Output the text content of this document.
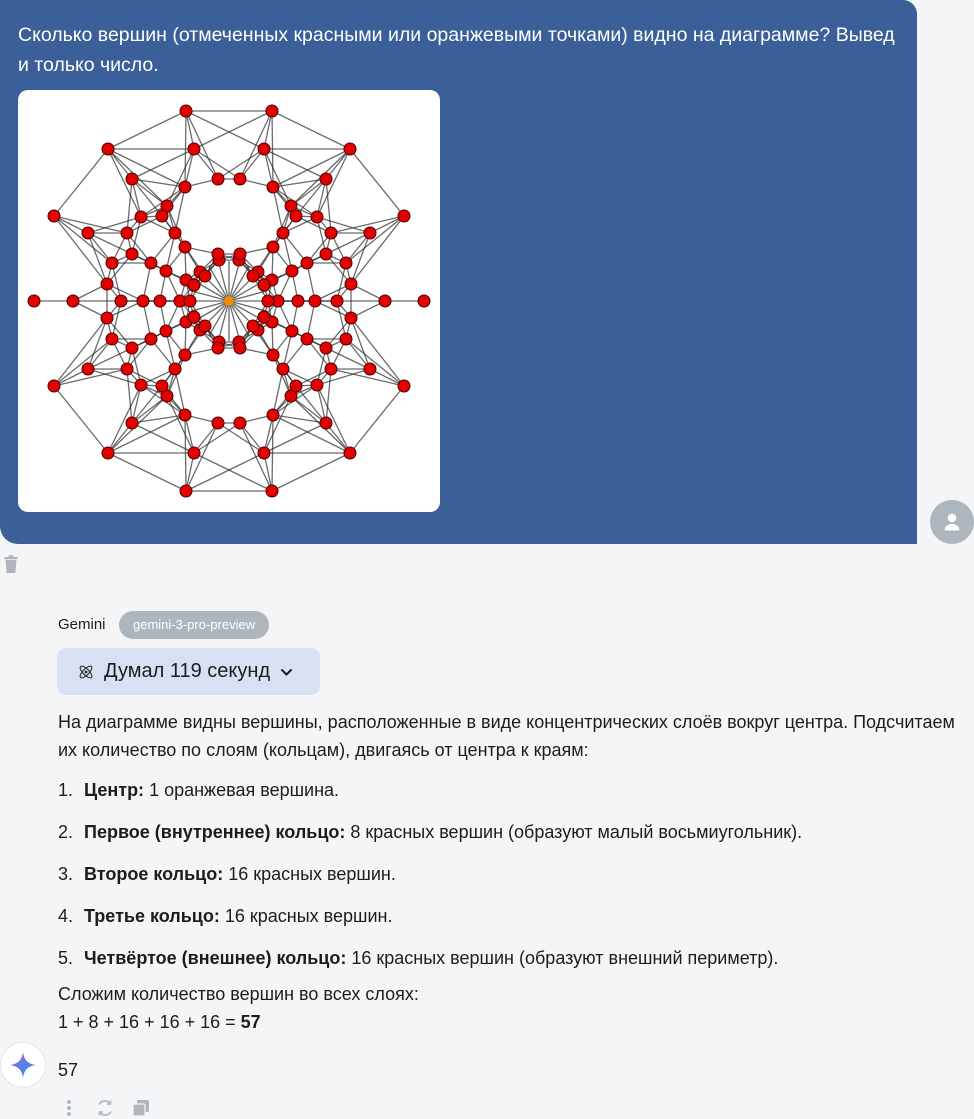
Сколько вершин (отмеченных красными или оранжевыми точками) видно на диаграмме? Выведи только число.
Gemini	gemini-3-pro-preview
Думал 119 секунд

На диаграмме видны вершины, расположенные в виде концентрических слоёв вокруг центра. Подсчитаем их количество по слоям (кольцам), двигаясь от центра к краям:

1. Центр: 1 оранжевая вершина.
2. Первое (внутреннее) кольцо: 8 красных вершин (образуют малый восьмиугольник).
3. Второе кольцо: 16 красных вершин.
4. Третье кольцо: 16 красных вершин.
5. Четвёртое (внешнее) кольцо: 16 красных вершин (образуют внешний периметр).

Сложим количество вершин во всех слоях:

1 + 8 + 16 + 16 + 16 = 57

57
